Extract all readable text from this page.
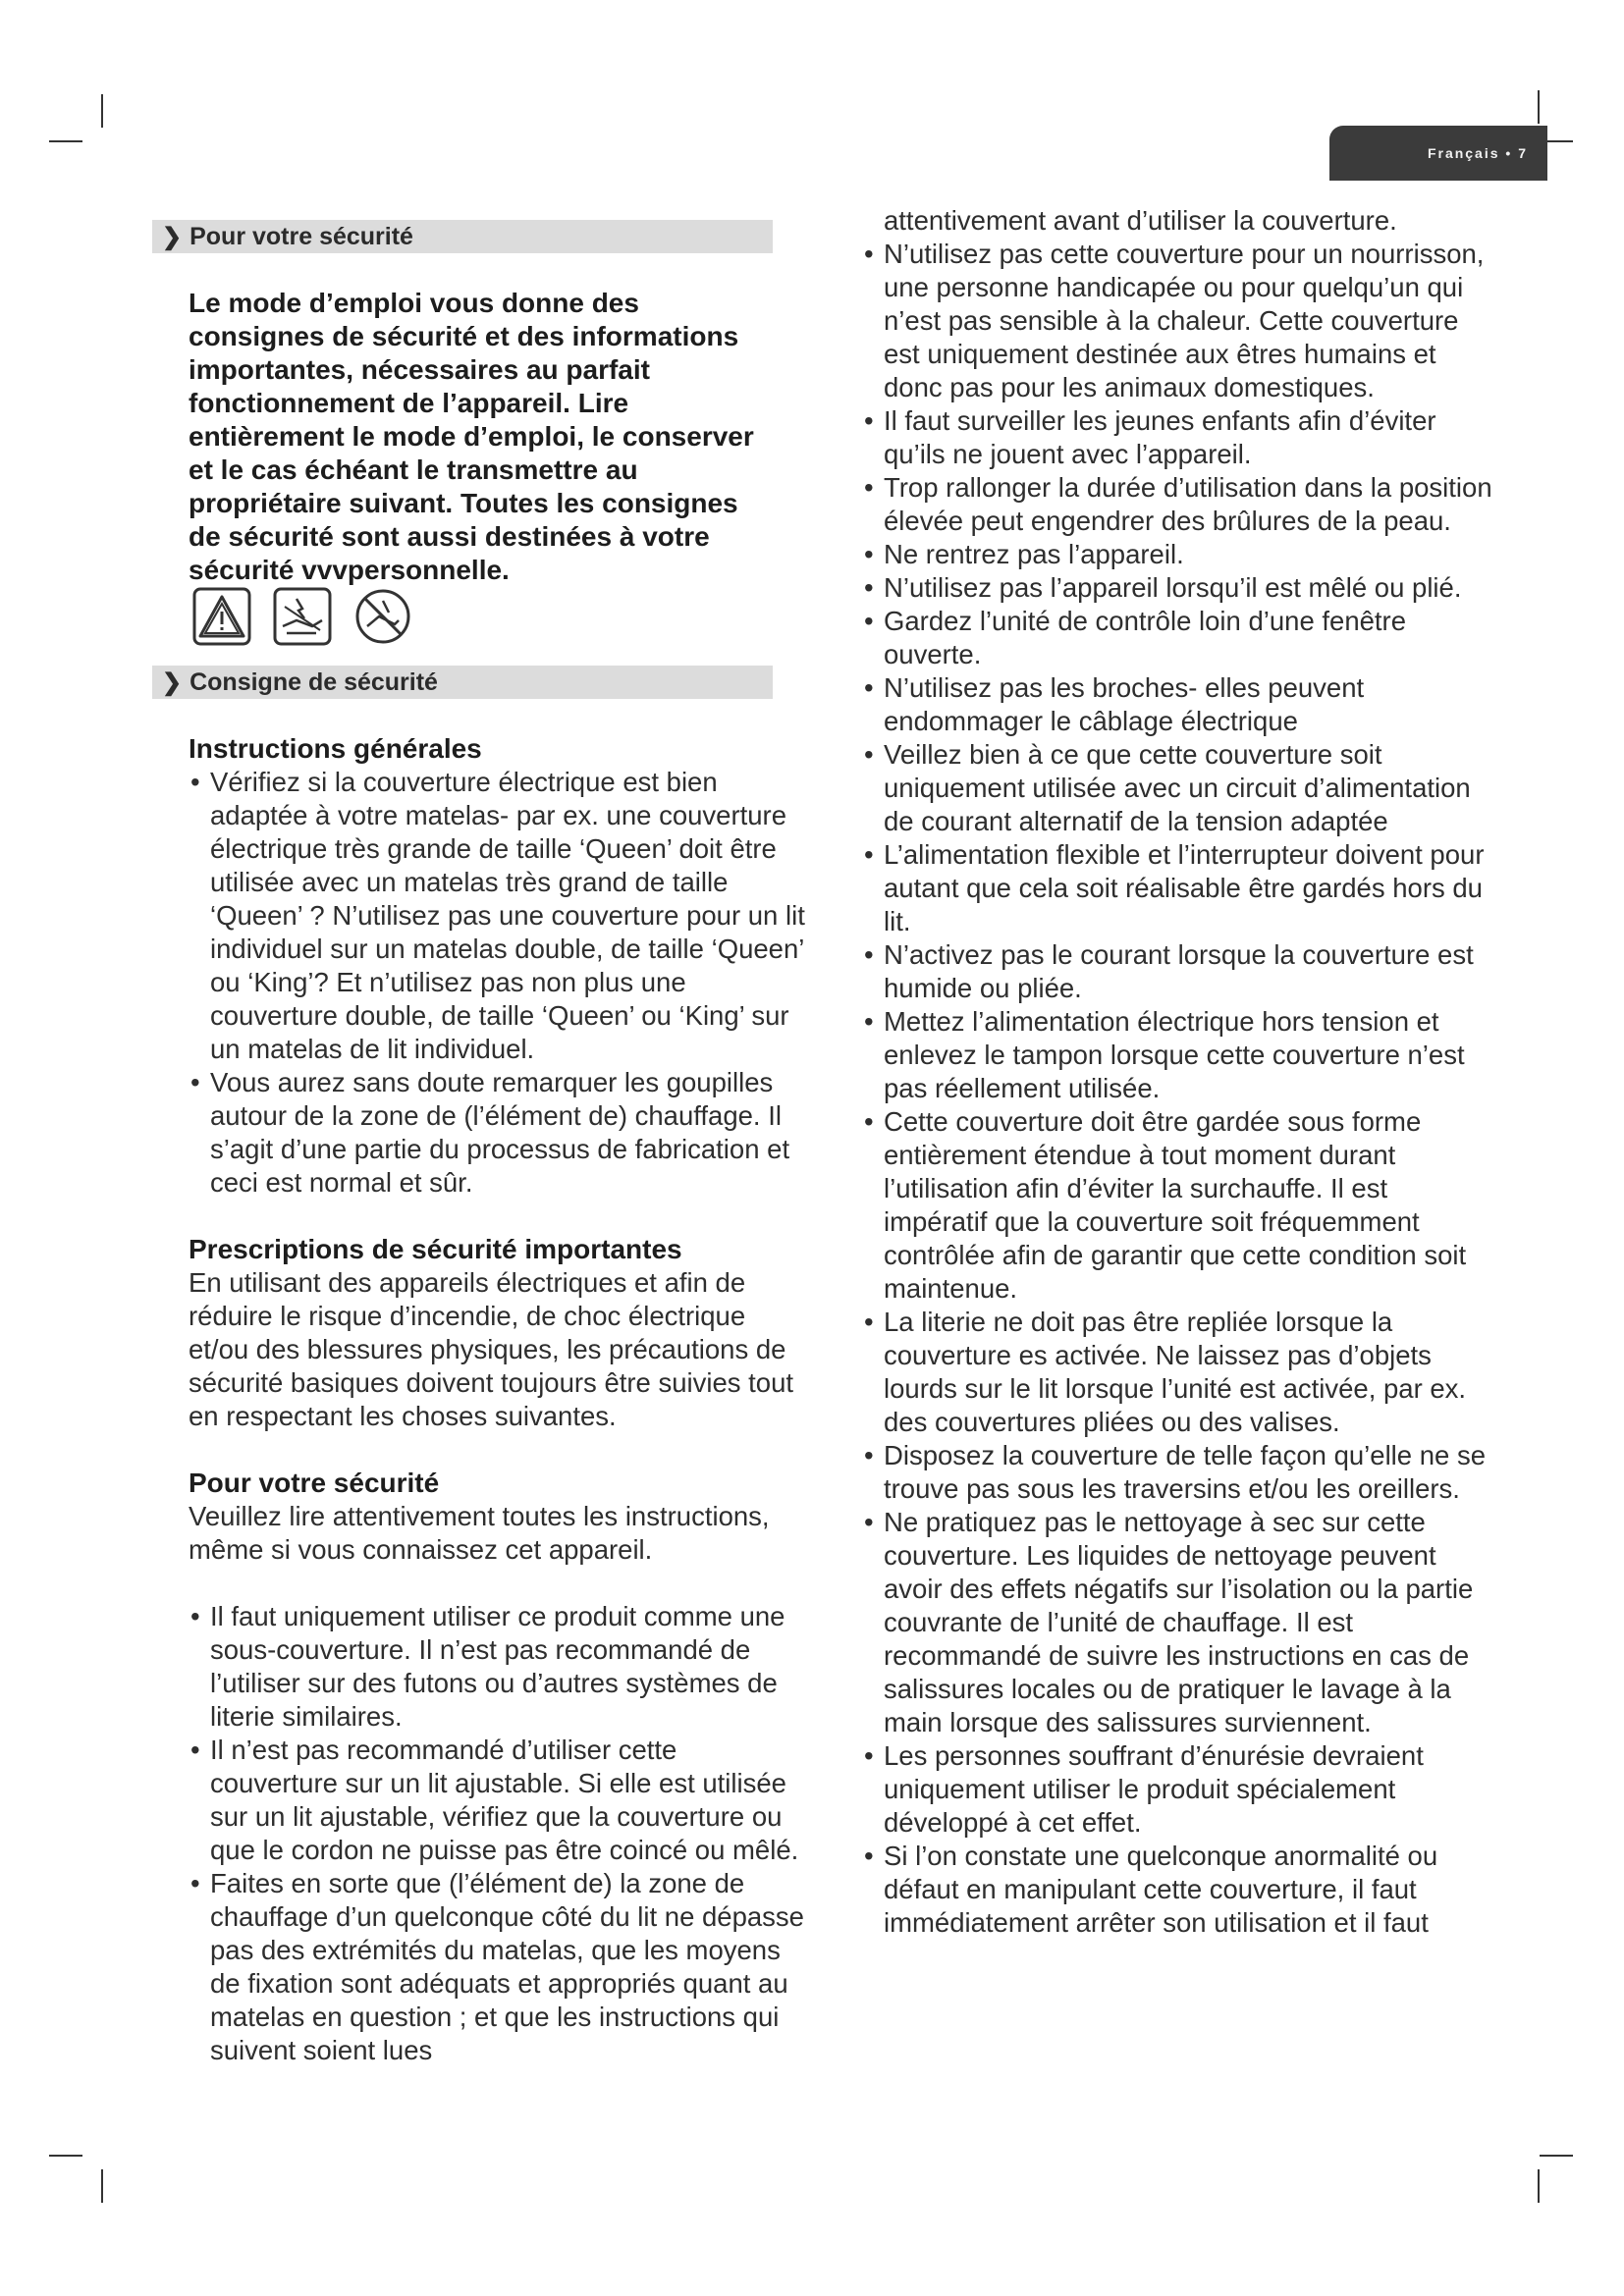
Français • 7
❯ Pour votre sécurité
Le mode d’emploi vous donne des consignes de sécurité et des informations importantes, nécessaires au parfait fonctionnement de l’appareil. Lire entièrement le mode d’emploi, le conserver et le cas échéant le transmettre au propriétaire suivant. Toutes les consignes de sécurité sont aussi destinées à votre sécurité vvvpersonnelle.
❯ Consigne de sécurité
Instructions générales
• Vérifiez si la couverture électrique est bien adaptée à votre matelas- par ex. une couverture électrique très grande de taille ‘Queen’ doit être utilisée avec un matelas très grand de taille ‘Queen’ ? N’utilisez pas une couverture pour un lit individuel sur un matelas double, de taille ‘Queen’ ou ‘King’? Et n’utilisez pas non plus une couverture double, de taille ‘Queen’ ou ‘King’ sur un matelas de lit individuel.
• Vous aurez sans doute remarquer les goupilles autour de la zone de (l’élément de) chauffage. Il s’agit d’une partie du processus de fabrication et ceci est normal et sûr.
Prescriptions de sécurité importantes

En utilisant des appareils électriques et afin de réduire le risque d’incendie, de choc électrique et/ou des blessures physiques, les précautions de sécurité basiques doivent toujours être suivies tout en respectant les choses suivantes.

Pour votre sécurité

Veuillez lire attentivement toutes les instructions, même si vous connaissez cet appareil.

• Il faut uniquement utiliser ce produit comme une sous-couverture. Il n’est pas recommandé de l’utiliser sur des futons ou d’autres systèmes de literie similaires.
• Il n’est pas recommandé d’utiliser cette couverture sur un lit ajustable. Si elle est utilisée sur un lit ajustable, vérifiez que la couverture ou que le cordon ne puisse pas être coincé ou mêlé.
• Faites en sorte que (l’élément de) la zone de chauffage d’un quelconque côté du lit ne dépasse pas des extrémités du matelas, que les moyens de fixation sont adéquats et appropriés quant au matelas en question ; et que les instructions qui suivent soient lues

attentivement avant d’utiliser la couverture.

• N’utilisez pas cette couverture pour un nourrisson, une personne handicapée ou pour quelqu’un qui n’est pas sensible à la chaleur. Cette couverture est uniquement destinée aux êtres humains et donc pas pour les animaux domestiques.
• Il faut surveiller les jeunes enfants afin d’éviter qu’ils ne jouent avec l’appareil.
• Trop rallonger la durée d’utilisation dans la position élevée peut engendrer des brûlures de la peau.
• Ne rentrez pas l’appareil.
• N’utilisez pas l’appareil lorsqu’il est mêlé ou plié.
• Gardez l’unité de contrôle loin d’une fenêtre ouverte.
• N’utilisez pas les broches- elles peuvent endommager le câblage électrique
• Veillez bien à ce que cette couverture soit uniquement utilisée avec un circuit d’alimentation de courant alternatif de la tension adaptée
• L’alimentation flexible et l’interrupteur doivent pour autant que cela soit réalisable être gardés hors du lit.
• N’activez pas le courant lorsque la couverture est humide ou pliée.
• Mettez l’alimentation électrique hors tension et enlevez le tampon lorsque cette couverture n’est pas réellement utilisée.
• Cette couverture doit être gardée sous forme entièrement étendue à tout moment durant l’utilisation afin d’éviter la surchauffe. Il est impératif que la couverture soit fréquemment contrôlée afin de garantir que cette condition soit maintenue.
• La literie ne doit pas être repliée lorsque la couverture es activée. Ne laissez pas d’objets lourds sur le lit lorsque l’unité est activée, par ex. des couvertures pliées ou des valises.
• Disposez la couverture de telle façon qu’elle ne se trouve pas sous les traversins et/ou les oreillers.
• Ne pratiquez pas le nettoyage à sec sur cette couverture. Les liquides de nettoyage peuvent avoir des effets négatifs sur l’isolation ou la partie couvrante de l’unité de chauffage. Il est recommandé de suivre les instructions en cas de salissures locales ou de pratiquer le lavage à la main lorsque des salissures surviennent.
• Les personnes souffrant d’énurésie devraient uniquement utiliser le produit spécialement développé à cet effet.
• Si l’on constate une quelconque anormalité ou défaut en manipulant cette couverture, il faut immédiatement arrêter son utilisation et il faut
